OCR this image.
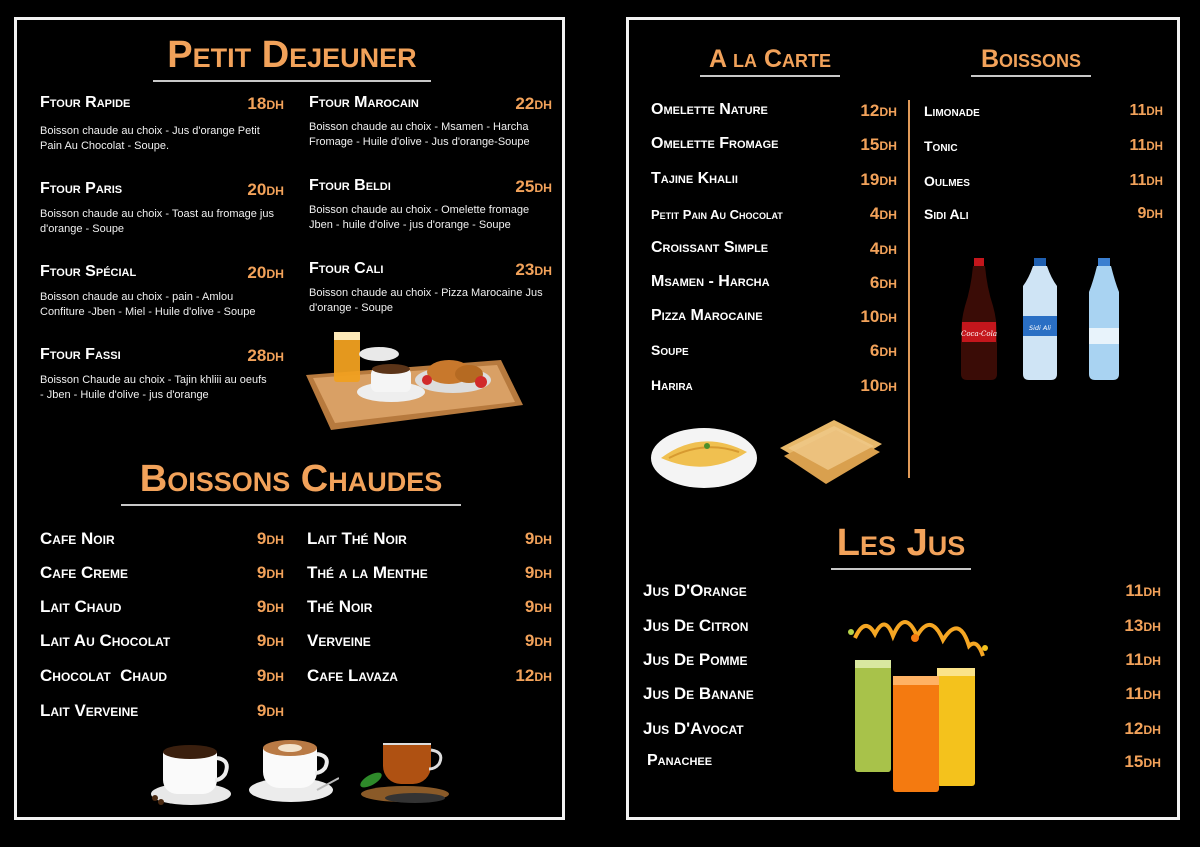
Petit Dejeuner
Ftour Rapide	18DH
Boisson chaude au choix - Jus d'orange Petit Pain Au Chocolat - Soupe.
Ftour Paris	20DH
Boisson chaude au choix - Toast au fromage jus d'orange - Soupe
Ftour Spécial	20DH
Boisson chaude au choix - pain - Amlou Confiture -Jben - Miel - Huile d'olive - Soupe
Ftour Fassi	28DH
Boisson Chaude au choix - Tajin khliii au oeufs - Jben - Huile d'olive - jus d'orange
Ftour Marocain	22DH
Boisson chaude au choix - Msamen - Harcha Fromage - Huile d'olive - Jus d'orange-Soupe
Ftour Beldi	25DH
Boisson chaude au choix - Omelette fromage Jben - huile d'olive - jus d'orange - Soupe
Ftour Cali	23DH
Boisson chaude au choix - Pizza Marocaine Jus d'orange - Soupe
Boissons Chaudes
Cafe Noir	9DH
Cafe Creme	9DH
Lait Chaud	9DH
Lait Au Chocolat	9DH
Chocolat  Chaud	9DH
Lait Verveine	9DH
Lait Thé Noir	9DH
Thé a la Menthe	9DH
Thé Noir	9DH
Verveine	9DH
Cafe Lavaza	12DH
A la Carte	Boissons
Omelette Nature	12DH
Omelette Fromage	15DH
Tajine Khalii	19DH
Petit Pain Au Chocolat	4DH
Croissant Simple	4DH
Msamen - Harcha	6DH
Pizza Marocaine	10DH
Soupe	6DH
Harira	10DH
Limonade	11DH
Tonic	11DH
Oulmes	11DH
Sidi Ali	9DH
Coca-Cola
Sidi Ali
Les Jus
Jus D'Orange	11DH
Jus De Citron	13DH
Jus De Pomme	11DH
Jus De Banane	11DH
Jus D'Avocat	12DH
Panachee	15DH
